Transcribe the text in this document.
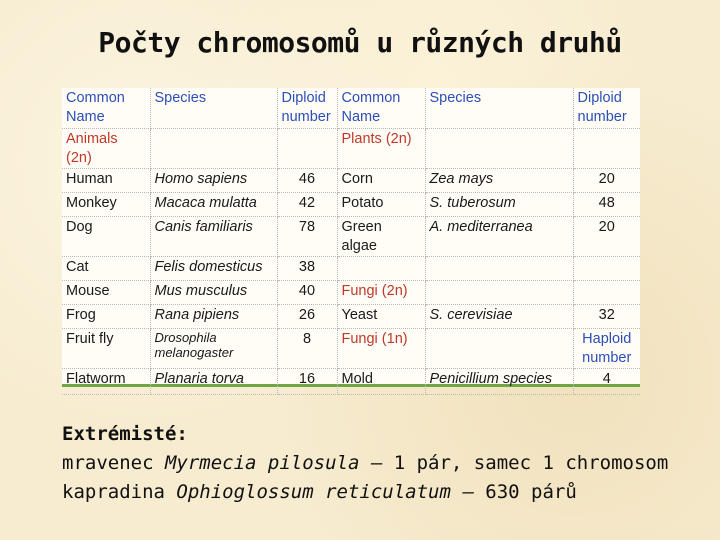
Počty chromosomů u různých druhů
Common Name	Species	Diploid number	Common Name	Species	Diploid number
Animals (2n)			Plants (2n)		
Human	Homo sapiens	46	Corn	Zea mays	20
Monkey	Macaca mulatta	42	Potato	S. tuberosum	48
Dog	Canis familiaris	78	Green algae	A. mediterranea	20
Cat	Felis domesticus	38			
Mouse	Mus musculus	40	Fungi (2n)		
Frog	Rana pipiens	26	Yeast	S. cerevisiae	32
Fruit fly	Drosophila melanogaster	8	Fungi (1n)		Haploid number
Flatworm	Planaria torva	16	Mold	Penicillium species	4
Extrémisté:
mravenec Myrmecia pilosula – 1 pár, samec 1 chromosom
kapradina Ophioglossum reticulatum – 630 párů
